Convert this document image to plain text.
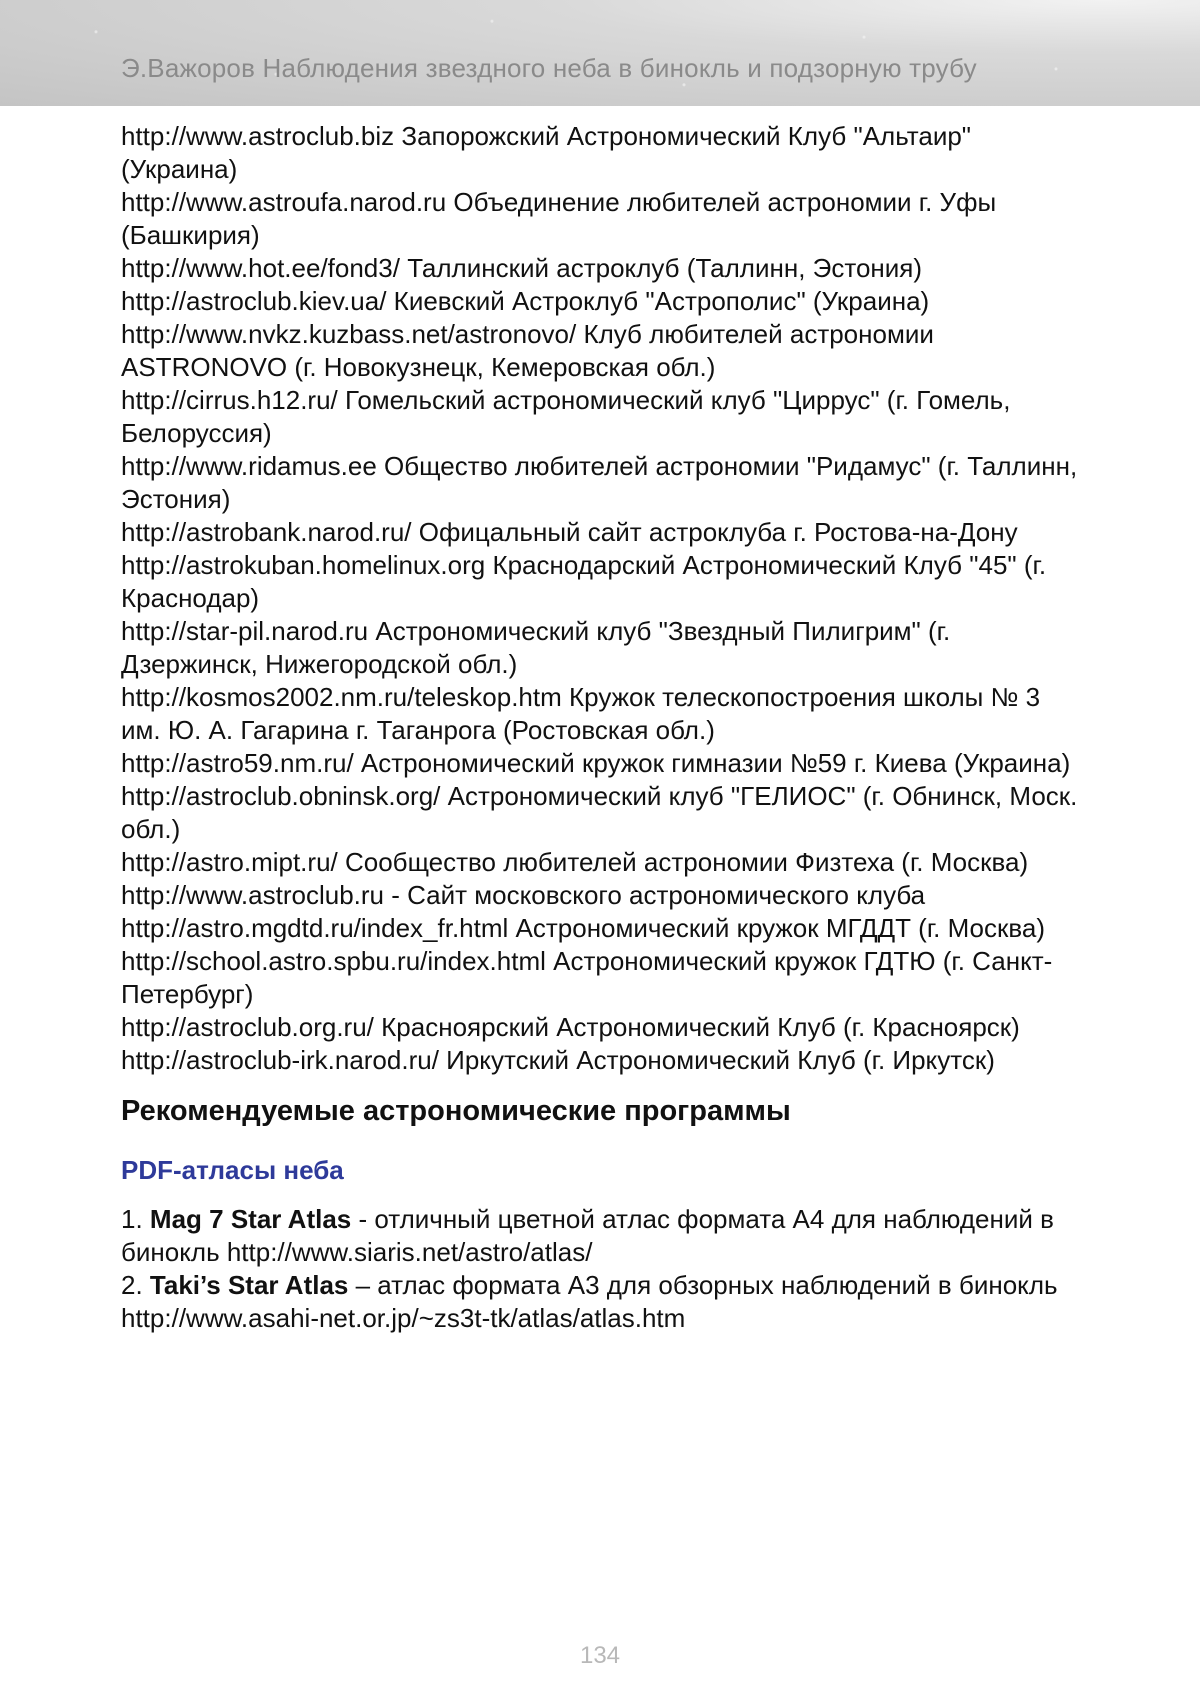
Э.Важоров Наблюдения звездного неба в бинокль и подзорную трубу
http://www.astroclub.biz Запорожский Астрономический Клуб "Альтаир" (Украина)
http://www.astroufa.narod.ru Объединение любителей астрономии г. Уфы (Башкирия)
http://www.hot.ee/fond3/ Таллинский астроклуб (Таллинн, Эстония)
http://astroclub.kiev.ua/ Киевский Астроклуб "Астрополис" (Украина)
http://www.nvkz.kuzbass.net/astronovo/ Клуб любителей астрономии ASTRONOVO (г. Новокузнецк, Кемеровская обл.)
http://cirrus.h12.ru/ Гомельский астрономический клуб "Циррус" (г. Гомель, Белоруссия)
http://www.ridamus.ee Общество любителей астрономии "Ридамус" (г. Таллинн, Эстония)
http://astrobank.narod.ru/ Офицальный сайт астроклуба г. Ростова-на-Дону
http://astrokuban.homelinux.org Краснодарский Астрономический Клуб "45" (г. Краснодар)
http://star-pil.narod.ru Астрономический клуб "Звездный Пилигрим" (г. Дзержинск, Нижегородской обл.)
http://kosmos2002.nm.ru/teleskop.htm Кружок телескопостроения школы № 3 им. Ю. А. Гагарина г. Таганрога (Ростовская обл.)
http://astro59.nm.ru/ Астрономический кружок гимназии №59 г. Киева (Украина)
http://astroclub.obninsk.org/ Астрономический клуб "ГЕЛИОС" (г. Обнинск, Моск. обл.)
http://astro.mipt.ru/ Сообщество любителей астрономии Физтеха (г. Москва)
http://www.astroclub.ru - Сайт московского астрономического клуба
http://astro.mgdtd.ru/index_fr.html Астрономический кружок МГДДТ (г. Москва)
http://school.astro.spbu.ru/index.html Астрономический кружок ГДТЮ (г. Санкт-Петербург)
http://astroclub.org.ru/ Красноярский Астрономический Клуб (г. Красноярск)
http://astroclub-irk.narod.ru/ Иркутский Астрономический Клуб (г. Иркутск)
Рекомендуемые астрономические программы
PDF-атласы неба
1. Mag 7 Star Atlas - отличный цветной атлас формата А4 для наблюдений в бинокль http://www.siaris.net/astro/atlas/
2. Taki’s Star Atlas – атлас формата А3 для обзорных наблюдений в бинокль http://www.asahi-net.or.jp/~zs3t-tk/atlas/atlas.htm
134
